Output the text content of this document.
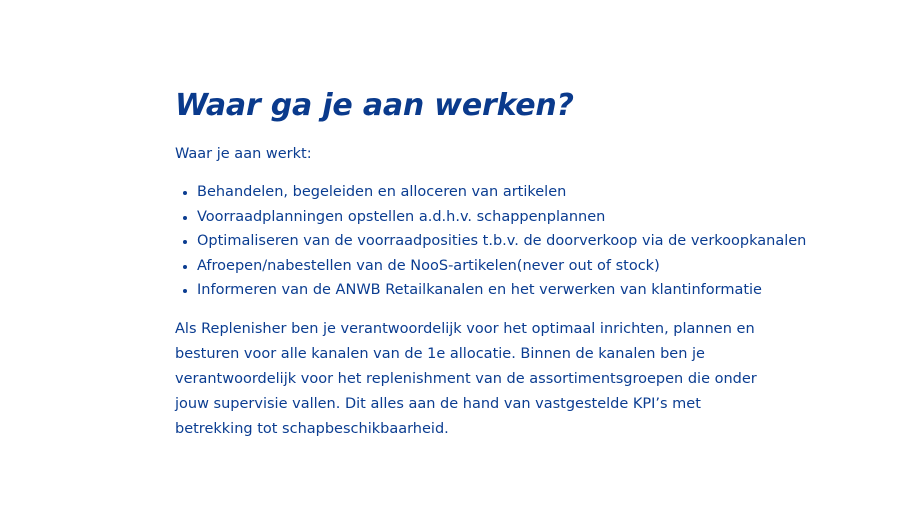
Waar ga je aan werken?

Waar je aan werkt:

Behandelen, begeleiden en alloceren van artikelen
Voorraadplanningen opstellen a.d.h.v. schappenplannen
Optimaliseren van de voorraadposities t.b.v. de doorverkoop via de verkoopkanalen
Afroepen/nabestellen van de NooS-artikelen(never out of stock)
Informeren van de ANWB Retailkanalen en het verwerken van klantinformatie

Als Replenisher ben je verantwoordelijk voor het optimaal inrichten, plannen en besturen voor alle kanalen van de 1e allocatie. Binnen de kanalen ben je verantwoordelijk voor het replenishment van de assortimentsgroepen die onder jouw supervisie vallen. Dit alles aan de hand van vastgestelde KPI’s met betrekking tot schapbeschikbaarheid.
